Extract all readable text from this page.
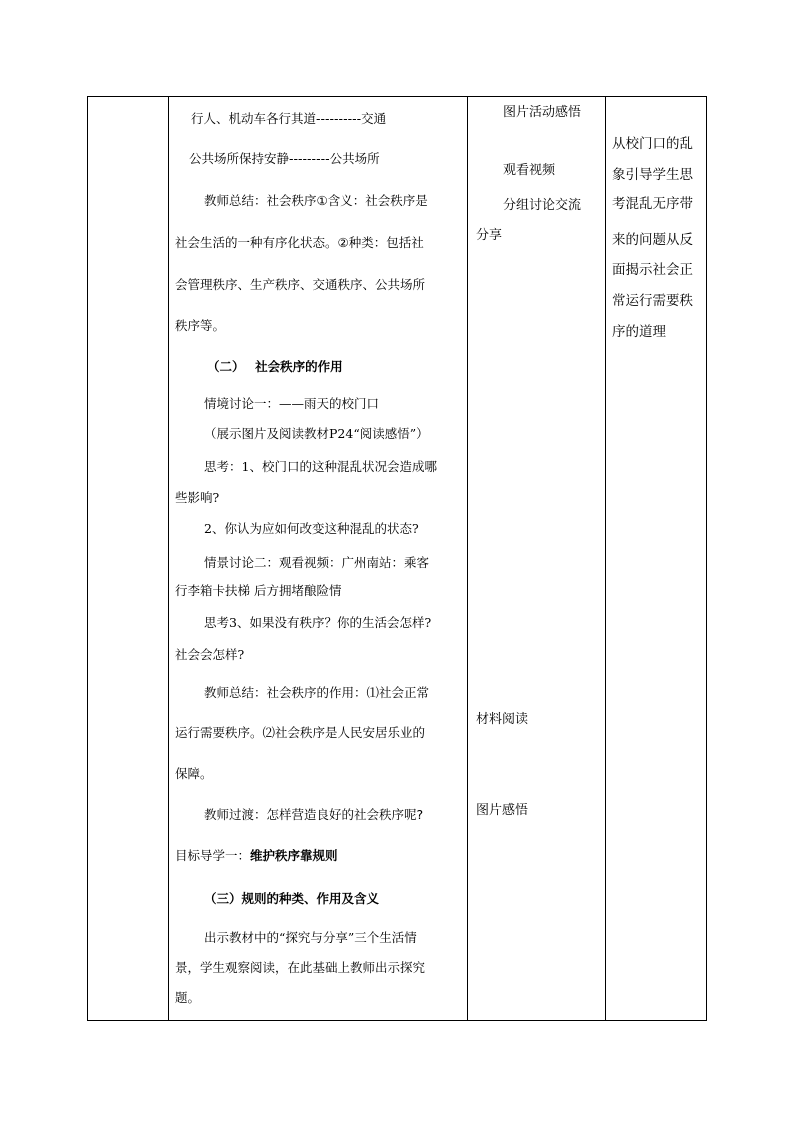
行人、机动车各行其道----------交通
公共场所保持安静---------公共场所
教师总结：社会秩序①含义：社会秩序是
社会生活的一种有序化状态。②种类：包括社
会管理秩序、生产秩序、交通秩序、公共场所
秩序等。
（二）　 社会秩序的作用
情境讨论一：——雨天的校门口
（展示图片及阅读教材P24“阅读感悟”）
思考：1、校门口的这种混乱状况会造成哪
些影响?
2、你认为应如何改变这种混乱的状态?
情景讨论二：观看视频：广州南站：乘客
行李箱卡扶梯 后方拥堵酿险情
思考3、如果没有秩序？你的生活会怎样?
社会会怎样?
教师总结：社会秩序的作用：⑴社会正常
运行需要秩序。⑵社会秩序是人民安居乐业的
保障。
教师过渡：怎样营造良好的社会秩序呢?
目标导学一：维护秩序靠规则
（三）规则的种类、作用及含义
出示教材中的“探究与分享”三个生活情
景，学生观察阅读，在此基础上教师出示探究
题。
图片活动感悟
观看视频
分组讨论交流
分享
材料阅读
图片感悟
从校门口的乱
象引导学生思
考混乱无序带
来的问题从反
面揭示社会正
常运行需要秩
序的道理
